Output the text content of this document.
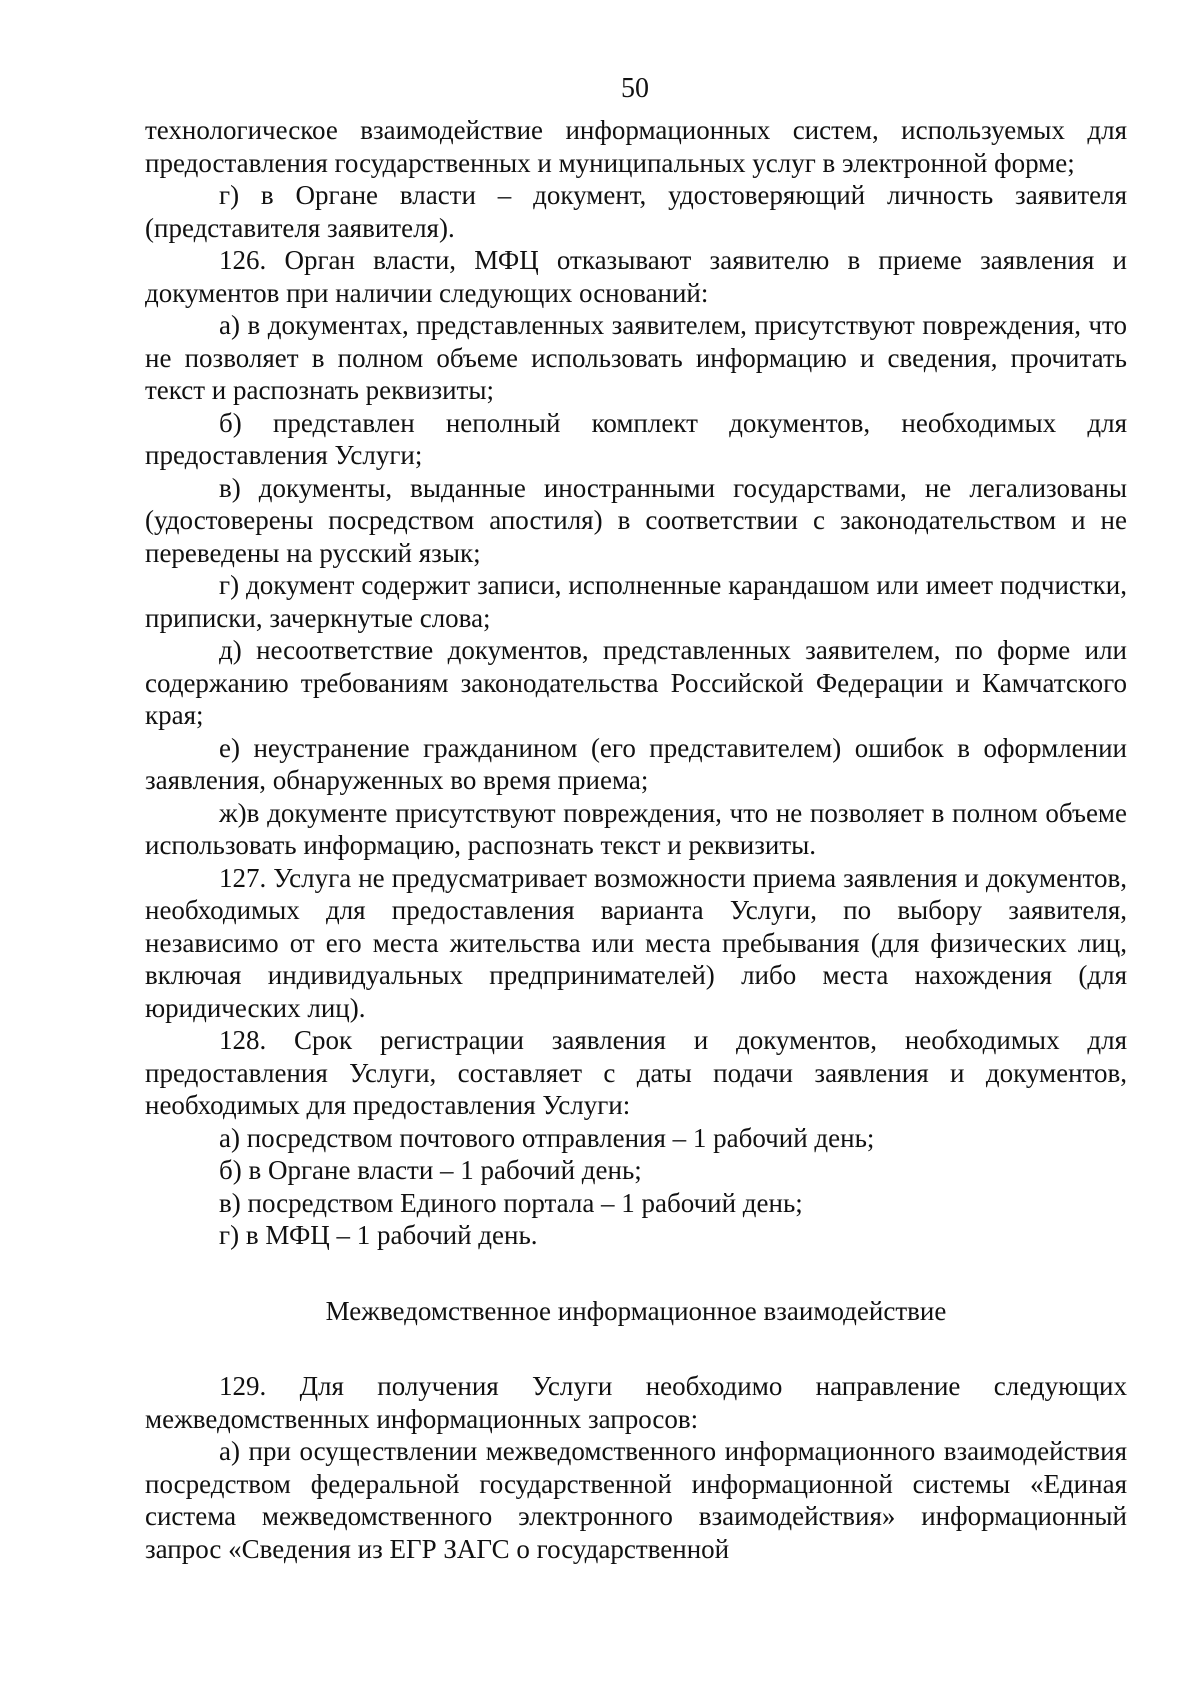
50

технологическое взаимодействие информационных систем, используемых для предоставления государственных и муниципальных услуг в электронной форме;

г) в Органе власти – документ, удостоверяющий личность заявителя (представителя заявителя).

126. Орган власти, МФЦ отказывают заявителю в приеме заявления и документов при наличии следующих оснований:

а) в документах, представленных заявителем, присутствуют повреждения, что не позволяет в полном объеме использовать информацию и сведения, прочитать текст и распознать реквизиты;

б) представлен неполный комплект документов, необходимых для предоставления Услуги;

в) документы, выданные иностранными государствами, не легализованы (удостоверены посредством апостиля) в соответствии с законодательством и не переведены на русский язык;

г) документ содержит записи, исполненные карандашом или имеет подчистки, приписки, зачеркнутые слова;

д) несоответствие документов, представленных заявителем, по форме или содержанию требованиям законодательства Российской Федерации и Камчатского края;

е) неустранение гражданином (его представителем) ошибок в оформлении заявления, обнаруженных во время приема;

ж)в документе присутствуют повреждения, что не позволяет в полном объеме использовать информацию, распознать текст и реквизиты.

127. Услуга не предусматривает возможности приема заявления и документов, необходимых для предоставления варианта Услуги, по выбору заявителя, независимо от его места жительства или места пребывания (для физических лиц, включая индивидуальных предпринимателей) либо места нахождения (для юридических лиц).

128. Срок регистрации заявления и документов, необходимых для предоставления Услуги, составляет с даты подачи заявления и документов, необходимых для предоставления Услуги:

а) посредством почтового отправления – 1 рабочий день;

б) в Органе власти – 1 рабочий день;

в) посредством Единого портала – 1 рабочий день;

г) в МФЦ – 1 рабочий день.

Межведомственное информационное взаимодействие

129. Для получения Услуги необходимо направление следующих межведомственных информационных запросов:

а) при осуществлении межведомственного информационного взаимодействия посредством федеральной государственной информационной системы «Единая система межведомственного электронного взаимодействия» информационный запрос «Сведения из ЕГР ЗАГС о государственной
